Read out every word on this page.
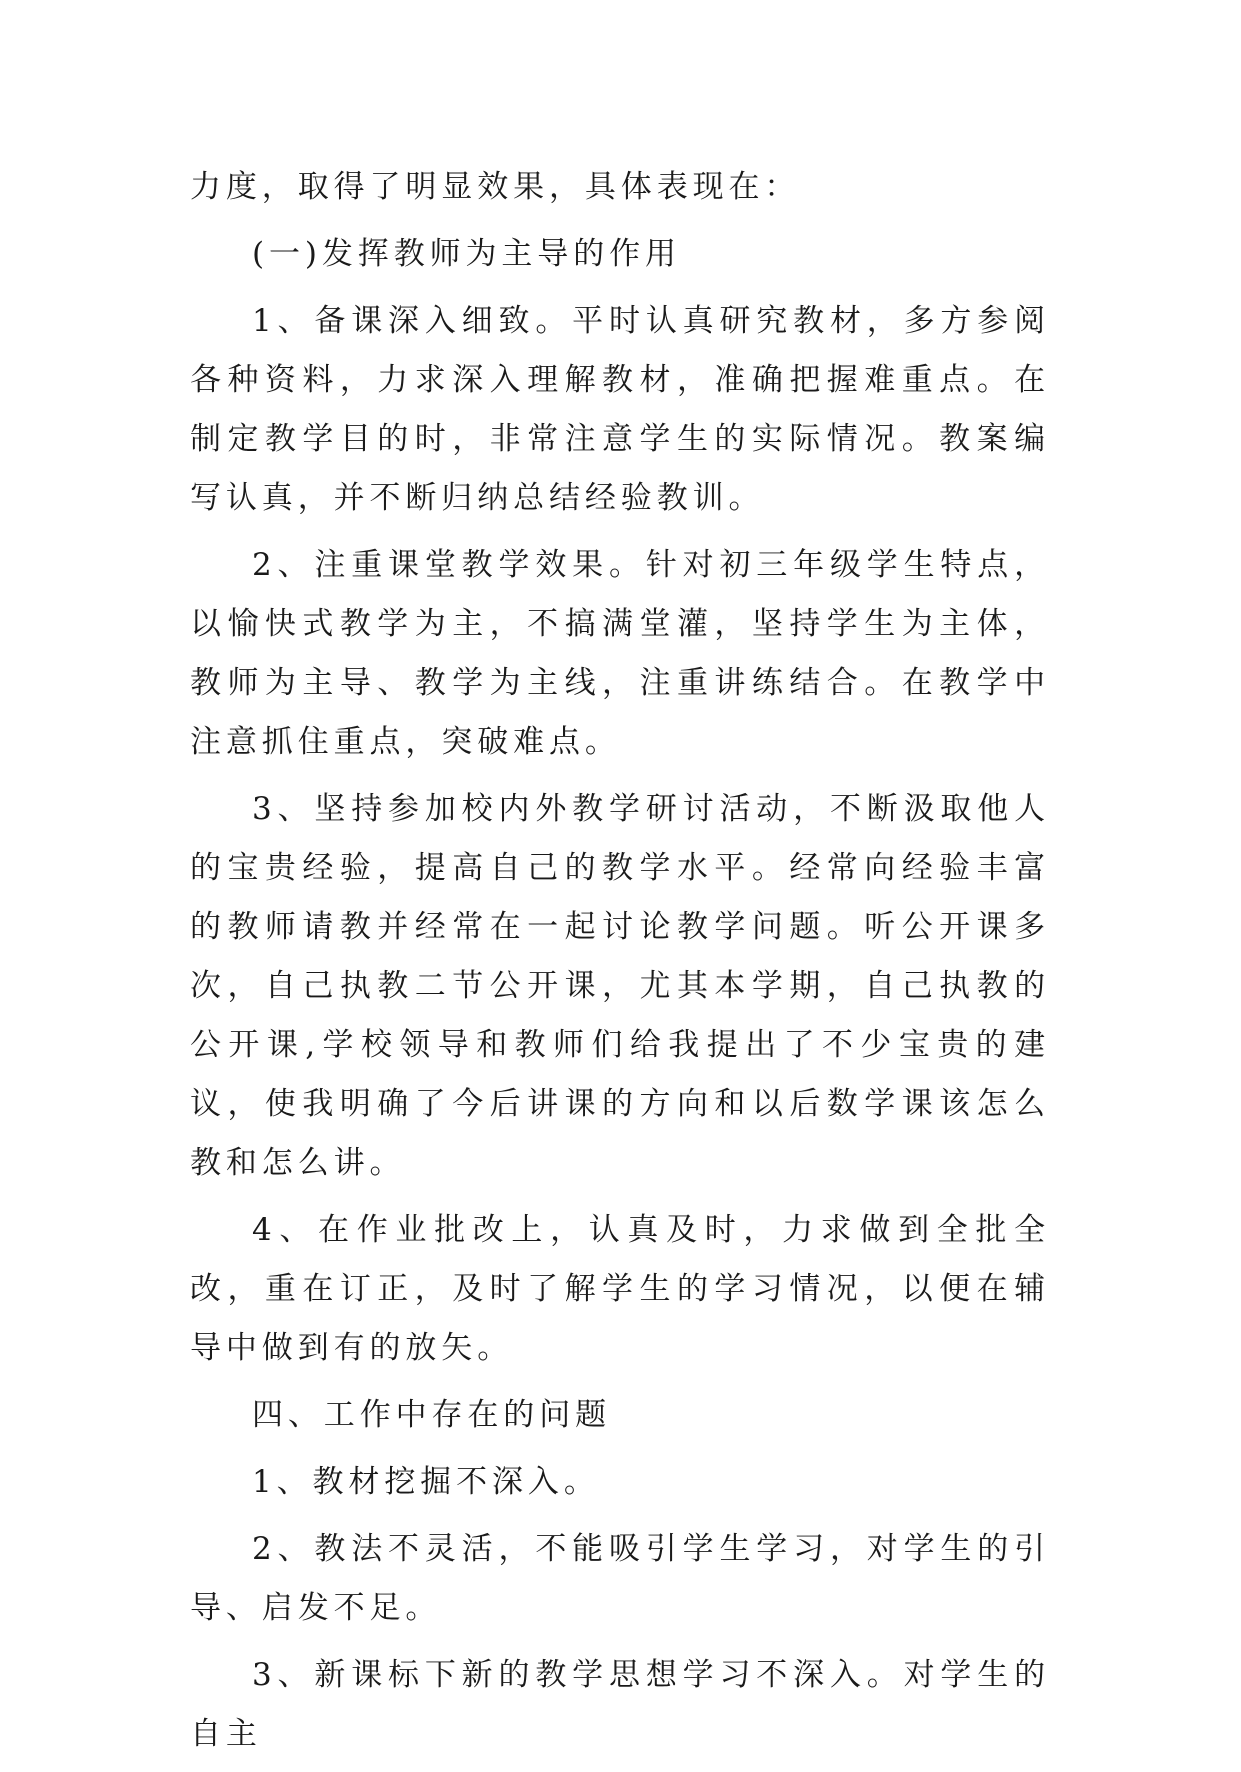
力度，取得了明显效果，具体表现在：

(一)发挥教师为主导的作用

1、备课深入细致。平时认真研究教材，多方参阅各种资料，力求深入理解教材，准确把握难重点。在制定教学目的时，非常注意学生的实际情况。教案编写认真，并不断归纳总结经验教训。

2、注重课堂教学效果。针对初三年级学生特点，以愉快式教学为主，不搞满堂灌，坚持学生为主体，教师为主导、教学为主线，注重讲练结合。在教学中注意抓住重点，突破难点。

3、坚持参加校内外教学研讨活动，不断汲取他人的宝贵经验，提高自己的教学水平。经常向经验丰富的教师请教并经常在一起讨论教学问题。听公开课多次，自己执教二节公开课，尤其本学期，自己执教的公开课,学校领导和教师们给我提出了不少宝贵的建议，使我明确了今后讲课的方向和以后数学课该怎么教和怎么讲。

4、在作业批改上，认真及时，力求做到全批全改，重在订正，及时了解学生的学习情况，以便在辅导中做到有的放矢。

四、工作中存在的问题

1、教材挖掘不深入。

2、教法不灵活，不能吸引学生学习，对学生的引导、启发不足。

3、新课标下新的教学思想学习不深入。对学生的自主
